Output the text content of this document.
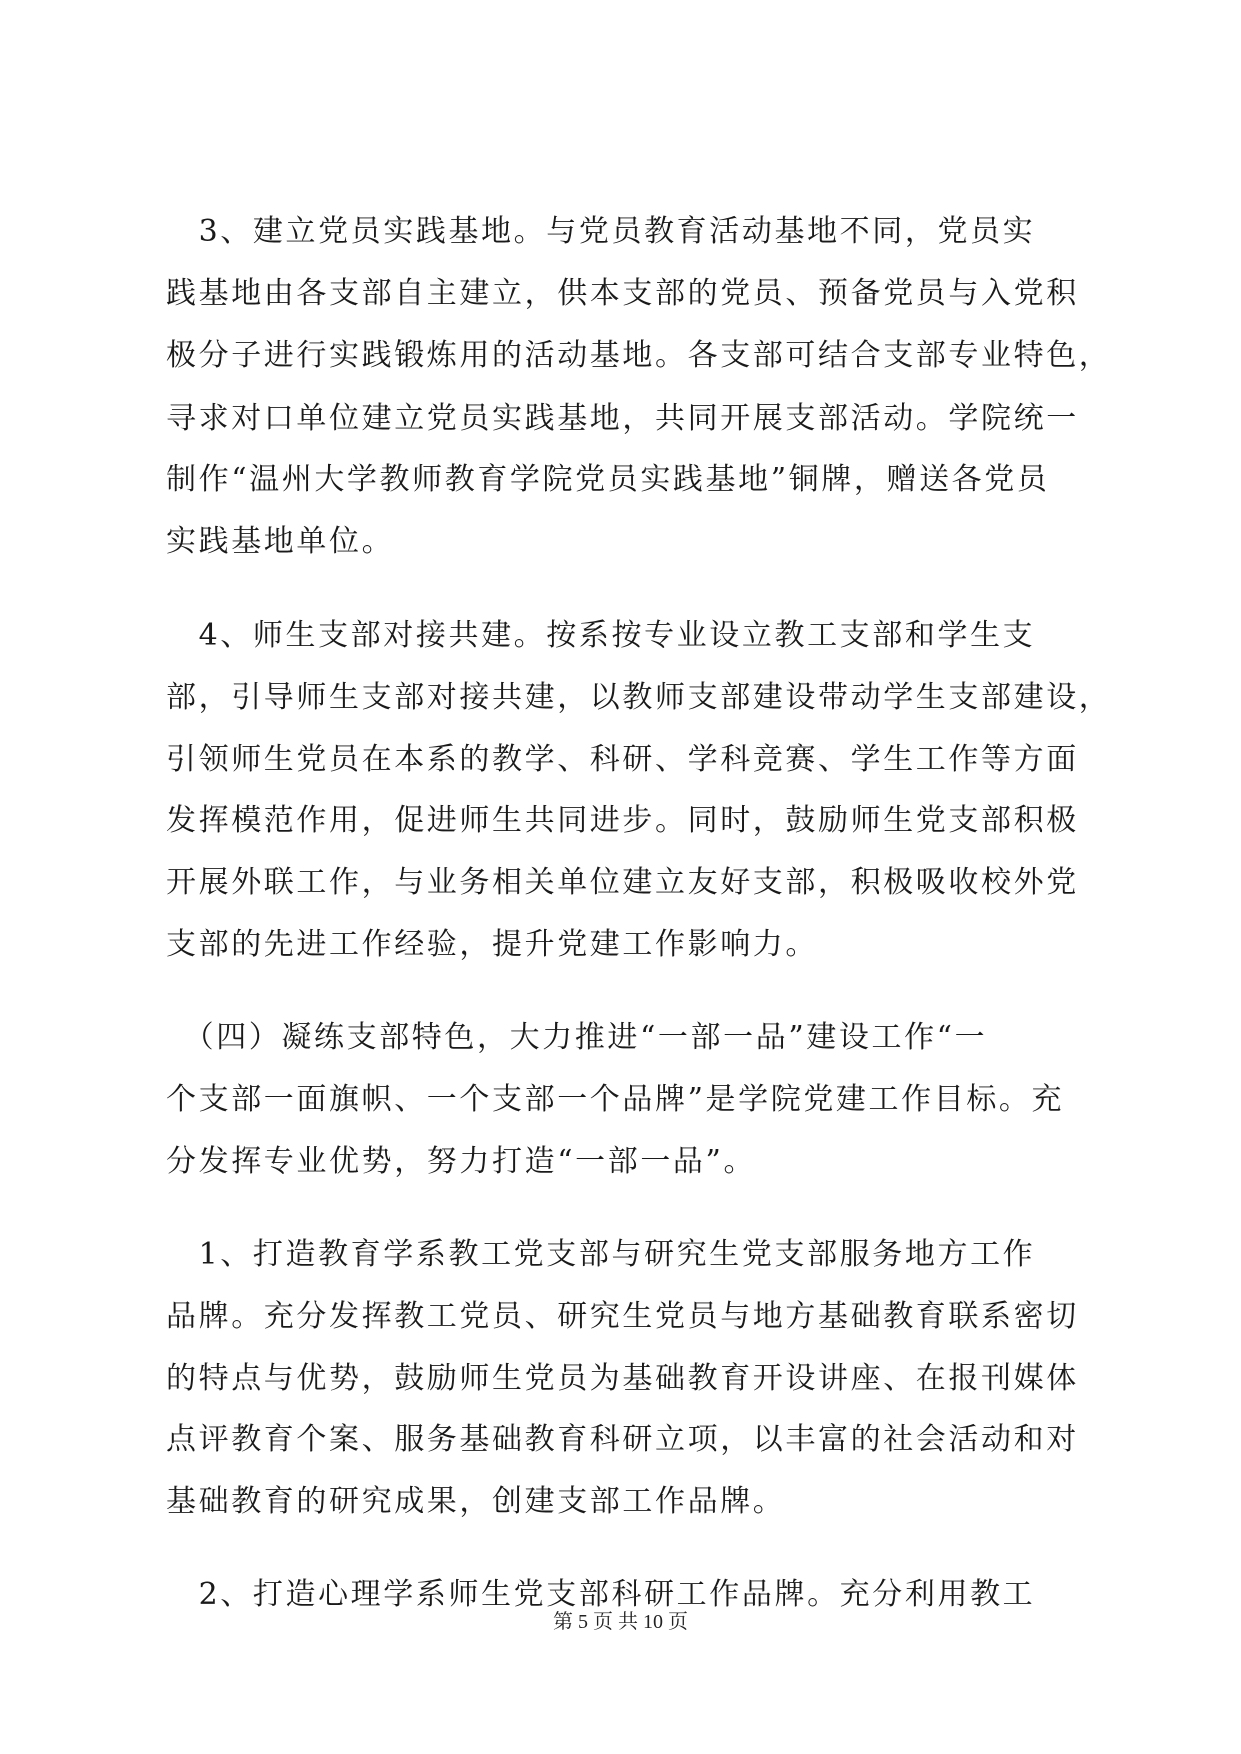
　3、建立党员实践基地。与党员教育活动基地不同，党员实
践基地由各支部自主建立，供本支部的党员、预备党员与入党积
极分子进行实践锻炼用的活动基地。各支部可结合支部专业特色，
寻求对口单位建立党员实践基地，共同开展支部活动。学院统一
制作“温州大学教师教育学院党员实践基地”铜牌，赠送各党员
实践基地单位。
　4、师生支部对接共建。按系按专业设立教工支部和学生支
部，引导师生支部对接共建，以教师支部建设带动学生支部建设，
引领师生党员在本系的教学、科研、学科竞赛、学生工作等方面
发挥模范作用，促进师生共同进步。同时，鼓励师生党支部积极
开展外联工作，与业务相关单位建立友好支部，积极吸收校外党
支部的先进工作经验，提升党建工作影响力。
　（四）凝练支部特色，大力推进“一部一品”建设工作“一
个支部一面旗帜、一个支部一个品牌”是学院党建工作目标。充
分发挥专业优势，努力打造“一部一品”。
　1、打造教育学系教工党支部与研究生党支部服务地方工作
品牌。充分发挥教工党员、研究生党员与地方基础教育联系密切
的特点与优势，鼓励师生党员为基础教育开设讲座、在报刊媒体
点评教育个案、服务基础教育科研立项，以丰富的社会活动和对
基础教育的研究成果，创建支部工作品牌。
　2、打造心理学系师生党支部科研工作品牌。充分利用教工
第 5 页 共 10 页
